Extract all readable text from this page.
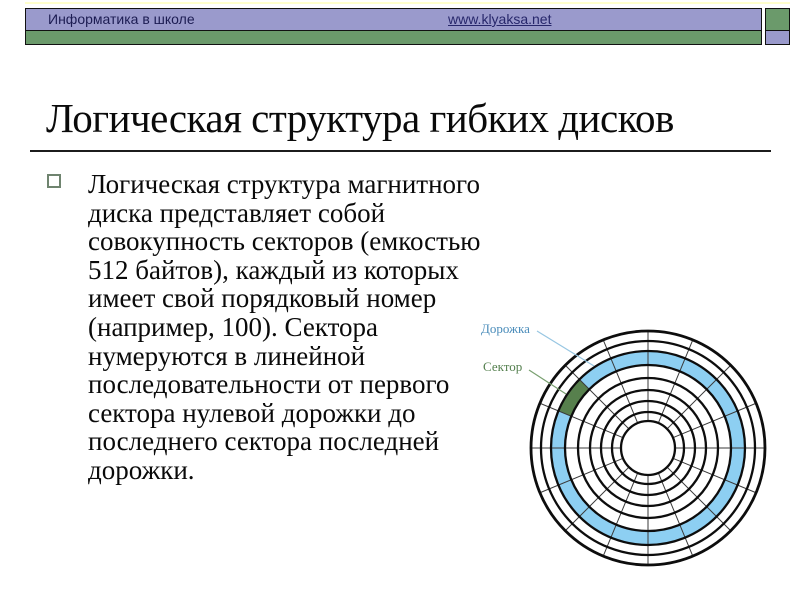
Информатика в школе	www.klyaksa.net
Логическая структура гибких дисков
Логическая структура магнитного
диска представляет собой
совокупность секторов (емкостью
512 байтов), каждый из которых
имеет свой порядковый номер
(например, 100). Сектора
нумеруются в линейной
последовательности от первого
сектора нулевой дорожки до
последнего сектора последней
дорожки.
Дорожка
Сектор
